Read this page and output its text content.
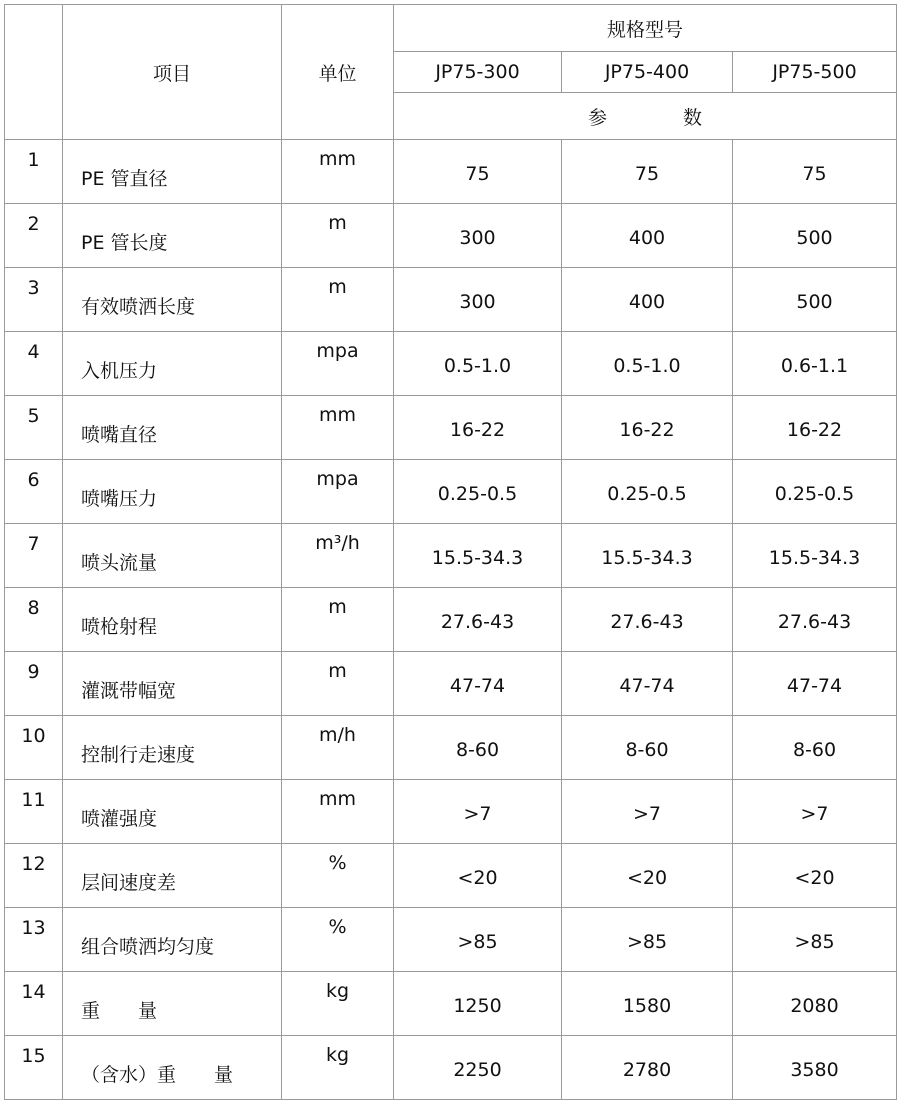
	项目	单位	规格型号		
			JP75-300	JP75-400	JP75-500
			参　　　　数		
1	PE 管直径	mm	75	75	75
2	PE 管长度	m	300	400	500
3	有效喷洒长度	m	300	400	500
4	入机压力	mpa	0.5-1.0	0.5-1.0	0.6-1.1
5	喷嘴直径	mm	16-22	16-22	16-22
6	喷嘴压力	mpa	0.25-0.5	0.25-0.5	0.25-0.5
7	喷头流量	m³/h	15.5-34.3	15.5-34.3	15.5-34.3
8	喷枪射程	m	27.6-43	27.6-43	27.6-43
9	灌溉带幅宽	m	47-74	47-74	47-74
10	控制行走速度	m/h	8-60	8-60	8-60
11	喷灌强度	mm	>7	>7	>7
12	层间速度差	%	<20	<20	<20
13	组合喷洒均匀度	%	>85	>85	>85
14	重　　量	kg	1250	1580	2080
15	（含水）重　　量	kg	2250	2780	3580
